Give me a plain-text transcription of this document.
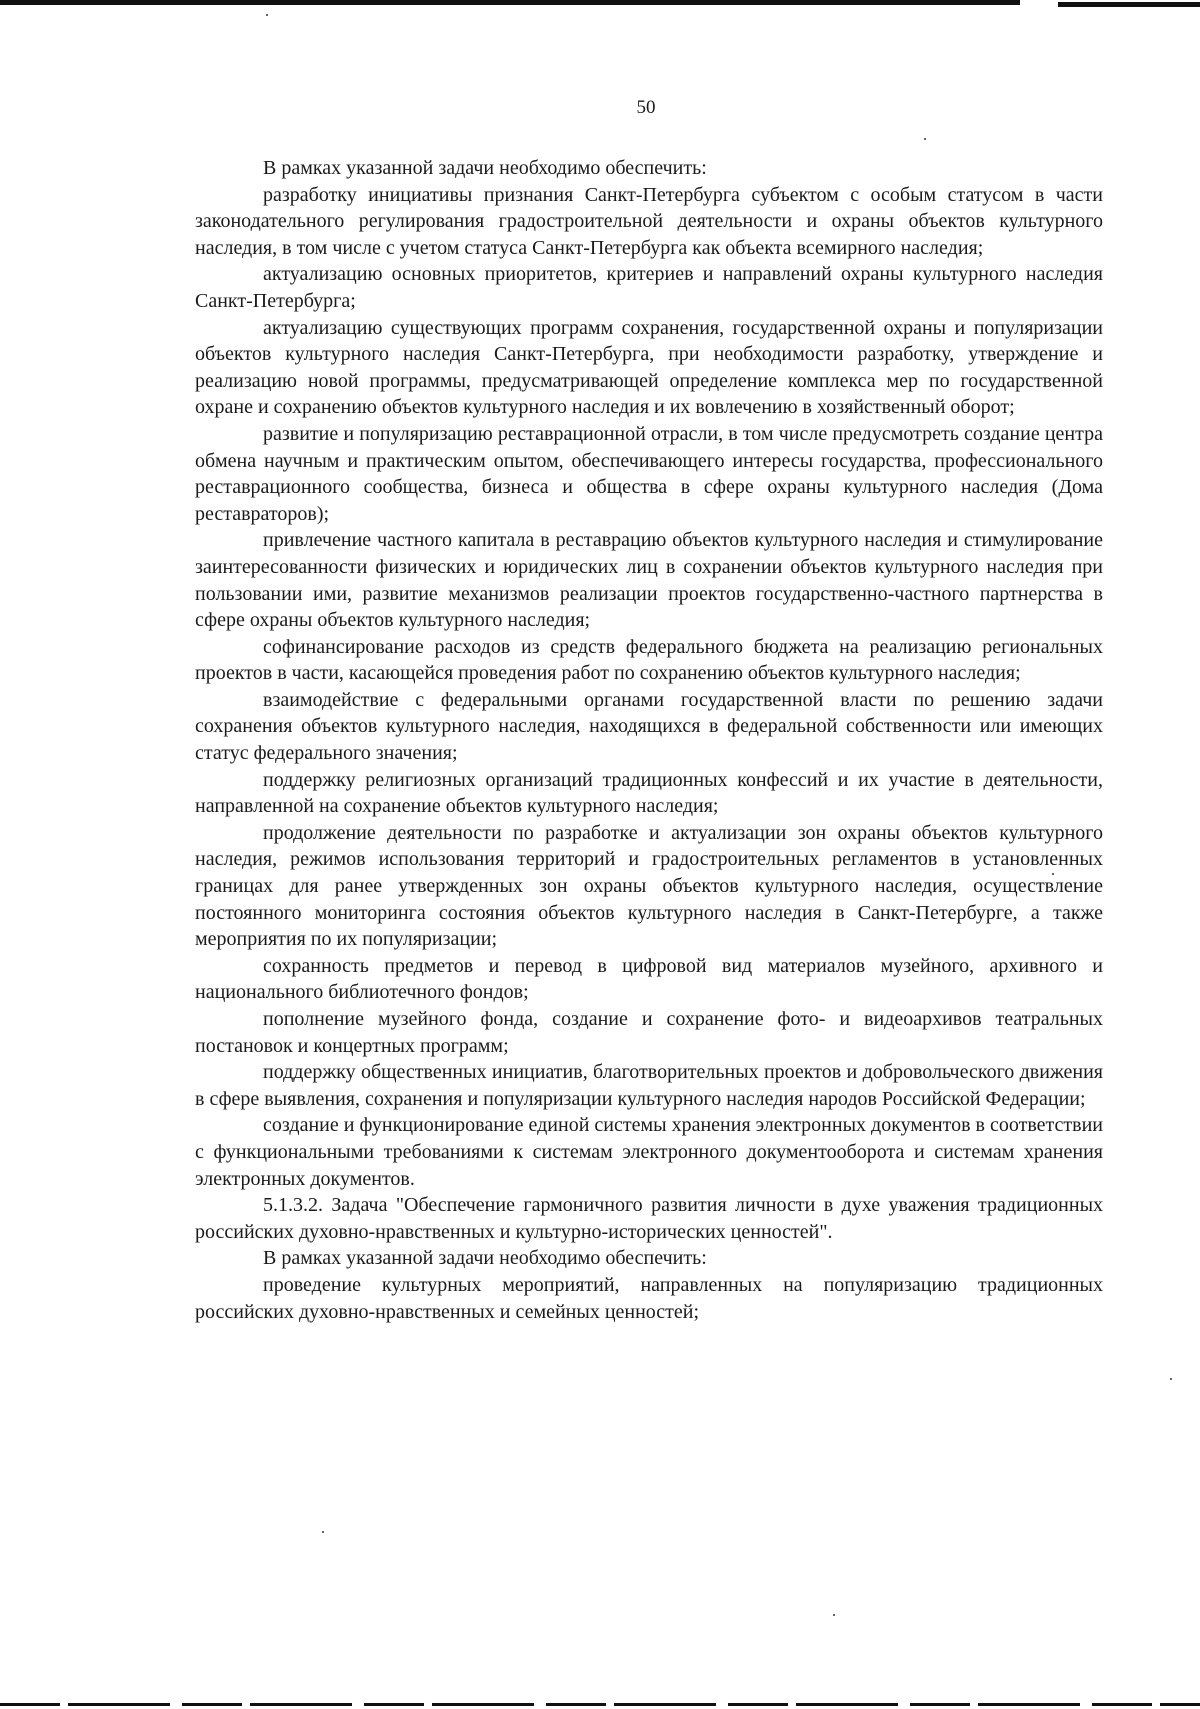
50

В рамках указанной задачи необходимо обеспечить:

разработку инициативы признания Санкт-Петербурга субъектом с особым статусом в части законодательного регулирования градостроительной деятельности и охраны объектов культурного наследия, в том числе с учетом статуса Санкт-Петербурга как объекта всемирного наследия;

актуализацию основных приоритетов, критериев и направлений охраны культурного наследия Санкт-Петербурга;

актуализацию существующих программ сохранения, государственной охраны и популяризации объектов культурного наследия Санкт-Петербурга, при необходимости разработку, утверждение и реализацию новой программы, предусматривающей определение комплекса мер по государственной охране и сохранению объектов культурного наследия и их вовлечению в хозяйственный оборот;

развитие и популяризацию реставрационной отрасли, в том числе предусмотреть создание центра обмена научным и практическим опытом, обеспечивающего интересы государства, профессионального реставрационного сообщества, бизнеса и общества в сфере охраны культурного наследия (Дома реставраторов);

привлечение частного капитала в реставрацию объектов культурного наследия и стимулирование заинтересованности физических и юридических лиц в сохранении объектов культурного наследия при пользовании ими, развитие механизмов реализации проектов государственно-частного партнерства в сфере охраны объектов культурного наследия;

софинансирование расходов из средств федерального бюджета на реализацию региональных проектов в части, касающейся проведения работ по сохранению объектов культурного наследия;

взаимодействие с федеральными органами государственной власти по решению задачи сохранения объектов культурного наследия, находящихся в федеральной собственности или имеющих статус федерального значения;

поддержку религиозных организаций традиционных конфессий и их участие в деятельности, направленной на сохранение объектов культурного наследия;

продолжение деятельности по разработке и актуализации зон охраны объектов культурного наследия, режимов использования территорий и градостроительных регламентов в установленных границах для ранее утвержденных зон охраны объектов культурного наследия, осуществление постоянного мониторинга состояния объектов культурного наследия в Санкт-Петербурге, а также мероприятия по их популяризации;

сохранность предметов и перевод в цифровой вид материалов музейного, архивного и национального библиотечного фондов;

пополнение музейного фонда, создание и сохранение фото- и видеоархивов театральных постановок и концертных программ;

поддержку общественных инициатив, благотворительных проектов и добровольческого движения в сфере выявления, сохранения и популяризации культурного наследия народов Российской Федерации;

создание и функционирование единой системы хранения электронных документов в соответствии с функциональными требованиями к системам электронного документооборота и системам хранения электронных документов.

5.1.3.2. Задача "Обеспечение гармоничного развития личности в духе уважения традиционных российских духовно-нравственных и культурно-исторических ценностей".

В рамках указанной задачи необходимо обеспечить:

проведение культурных мероприятий, направленных на популяризацию традиционных российских духовно-нравственных и семейных ценностей;
